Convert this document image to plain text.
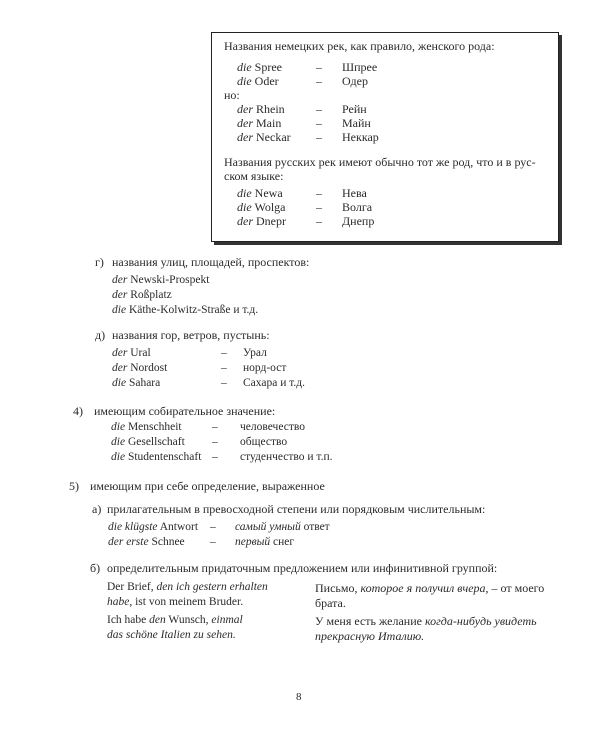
Названия немецких рек, как правило, женского рода:
die Spree	– Шпрее
die Oder	– Одер
но:
der Rhein	– Рейн
der Main	– Майн
der Neckar – Неккар
Названия русских рек имеют обычно тот же род, что и в рус-
ском языке:
die Newa	– Нева
die Wolga	– Волга
der Dnepr	– Днепр
г) названия улиц, площадей, проспектов:
der Newski-Prospekt
der Roßplatz
die Käthe-Kolwitz-Straße и т.д.
д) названия гор, ветров, пустынь:
der Ural	– Урал
der Nordost	– норд-ост
die Sahara	– Сахара и т.д.
4) имеющим собирательное значение:
die Menschheit	– человечество
die Gesellschaft – общество
die Studentenschaft – студенчество и т.п.
5) имеющим при себе определение, выраженное
а) прилагательным в превосходной степени или порядковым числительным:
die klügste Antwort – самый умный ответ
der erste Schnee – первый снег
б) определительным придаточным предложением или инфинитивной группой:
Der Brief, den ich gestern erhalten
habe, ist von meinem Bruder.
Письмо, которое я получил вчера, – от моего
брата.
Ich habe den Wunsch, einmal
das schöne Italien zu sehen.
У меня есть желание когда-нибудь увидеть
прекрасную Италию.
8
